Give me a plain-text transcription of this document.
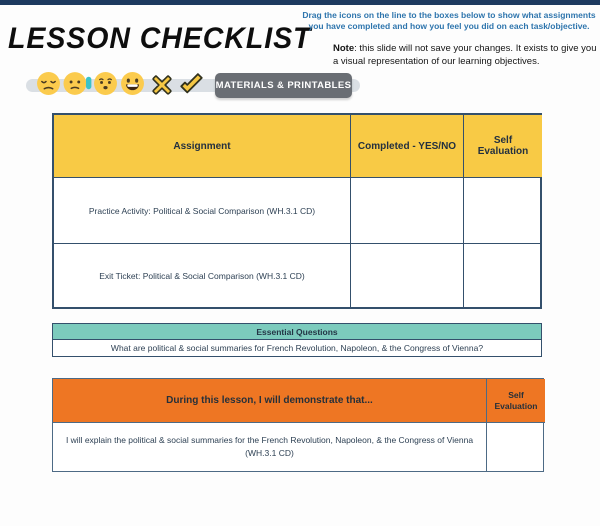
LESSON CHECKLIST

Drag the icons on the line to the boxes below to show what assignments you have completed and how you feel you did on each task/objective.

Note: this slide will not save your changes. It exists to give you a visual representation of our learning objectives.

MATERIALS & PRINTABLES
Assignment	Completed - YES/NO	Self Evaluation
Practice Activity: Political & Social Comparison (WH.3.1 CD)
Exit Ticket: Political & Social Comparison (WH.3.1 CD)
Essential Questions
What are political & social summaries for French Revolution, Napoleon, & the Congress of Vienna?
During this lesson, I will demonstrate that...
Self Evaluation
I will explain the political & social summaries for the French Revolution, Napoleon, & the Congress of Vienna (WH.3.1 CD)
